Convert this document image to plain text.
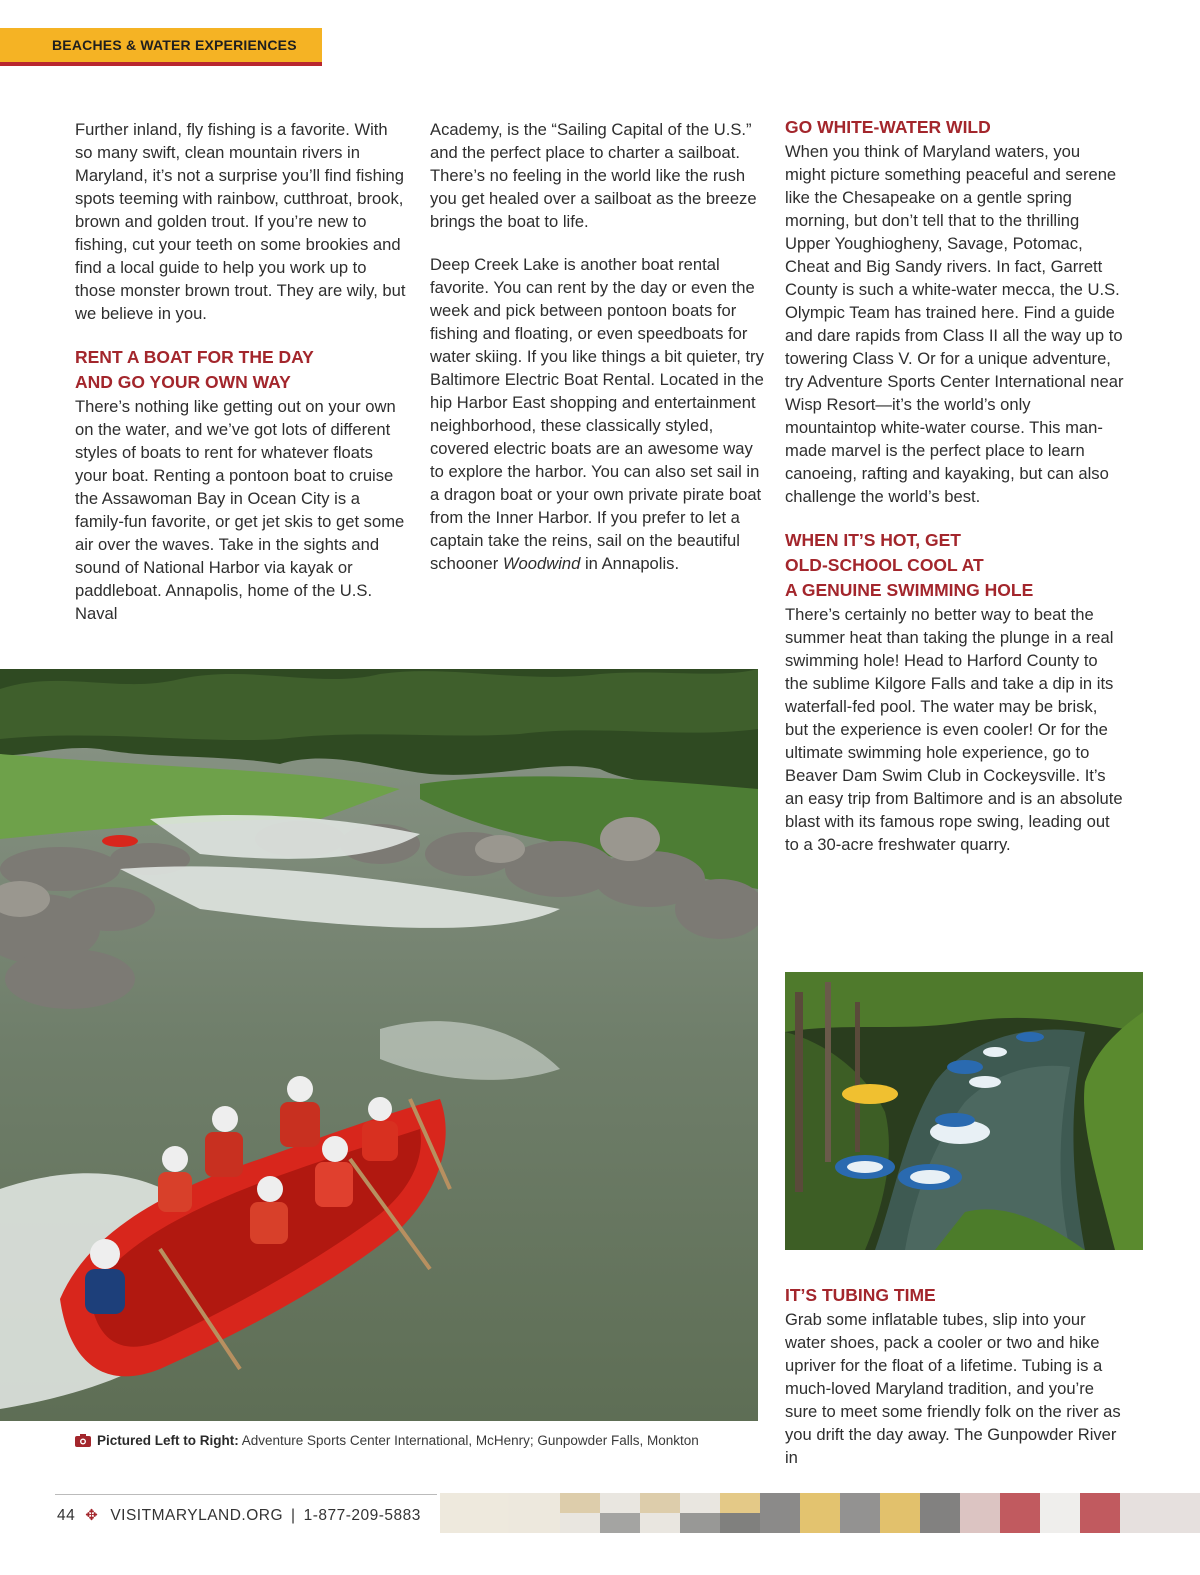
BEACHES & WATER EXPERIENCES

Further inland, fly fishing is a favorite. With so many swift, clean mountain rivers in Maryland, it’s not a surprise you’ll find fishing spots teeming with rainbow, cutthroat, brook, brown and golden trout. If you’re new to fishing, cut your teeth on some brookies and find a local guide to help you work up to those monster brown trout. They are wily, but we believe in you.

RENT A BOAT FOR THE DAY
AND GO YOUR OWN WAY

There’s nothing like getting out on your own on the water, and we’ve got lots of different styles of boats to rent for whatever floats your boat. Renting a pontoon boat to cruise the Assawoman Bay in Ocean City is a family-fun favorite, or get jet skis to get some air over the waves. Take in the sights and sound of National Harbor via kayak or paddleboat. Annapolis, home of the U.S. Naval

Academy, is the “Sailing Capital of the U.S.” and the perfect place to charter a sailboat. There’s no feeling in the world like the rush you get healed over a sailboat as the breeze brings the boat to life.

Deep Creek Lake is another boat rental favorite. You can rent by the day or even the week and pick between pontoon boats for fishing and floating, or even speedboats for water skiing. If you like things a bit quieter, try Baltimore Electric Boat Rental. Located in the hip Harbor East shopping and entertainment neighborhood, these classically styled, covered electric boats are an awesome way to explore the harbor. You can also set sail in a dragon boat or your own private pirate boat from the Inner Harbor. If you prefer to let a captain take the reins, sail on the beautiful schooner Woodwind in Annapolis.

GO WHITE-WATER WILD

When you think of Maryland waters, you might picture something peaceful and serene like the Chesapeake on a gentle spring morning, but don’t tell that to the thrilling Upper Youghiogheny, Savage, Potomac, Cheat and Big Sandy rivers. In fact, Garrett County is such a white-water mecca, the U.S. Olympic Team has trained here. Find a guide and dare rapids from Class II all the way up to towering Class V. Or for a unique adventure, try Adventure Sports Center International near Wisp Resort—it’s the world’s only mountaintop white-water course. This man-made marvel is the perfect place to learn canoeing, rafting and kayaking, but can also challenge the world’s best.

WHEN IT’S HOT, GET
OLD-SCHOOL COOL AT
A GENUINE SWIMMING HOLE

There’s certainly no better way to beat the summer heat than taking the plunge in a real swimming hole! Head to Harford County to the sublime Kilgore Falls and take a dip in its waterfall-fed pool. The water may be brisk, but the experience is even cooler! Or for the ultimate swimming hole experience, go to Beaver Dam Swim Club in Cockeysville. It’s an easy trip from Baltimore and is an absolute blast with its famous rope swing, leading out to a 30-acre freshwater quarry.

IT’S TUBING TIME

Grab some inflatable tubes, slip into your water shoes, pack a cooler or two and hike upriver for the float of a lifetime. Tubing is a much-loved Maryland tradition, and you’re sure to meet some friendly folk on the river as you drift the day away. The Gunpowder River in

Pictured Left to Right: Adventure Sports Center International, McHenry; Gunpowder Falls, Monkton
44 ✥ VISITMARYLAND.ORG | 1-877-209-5883
